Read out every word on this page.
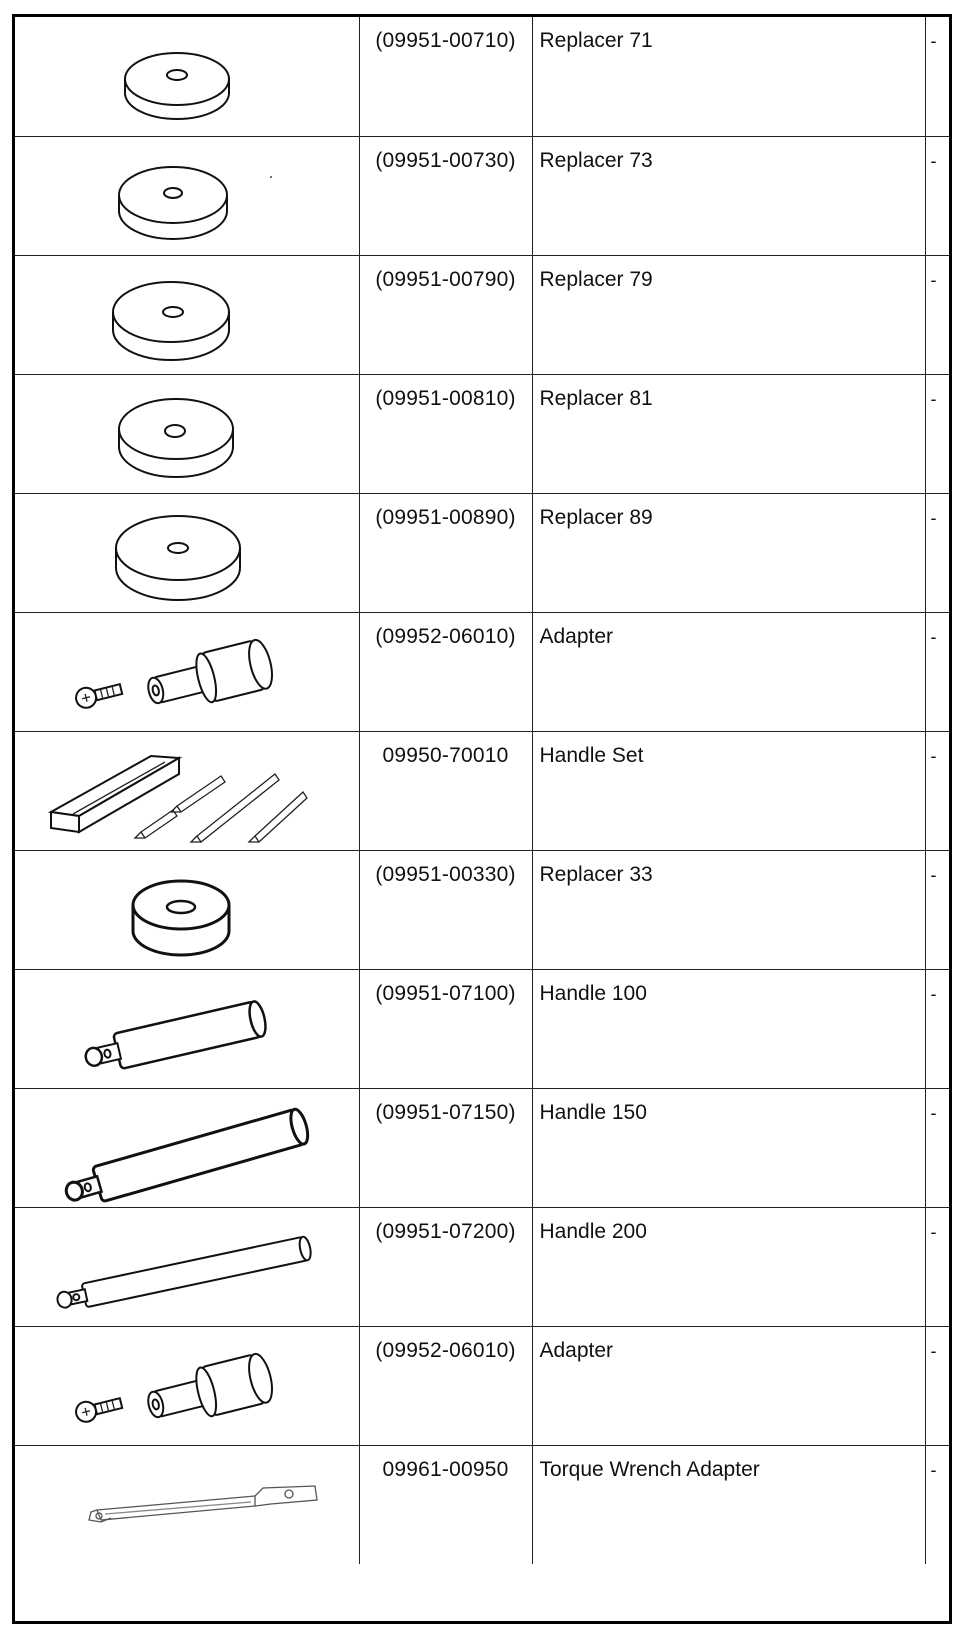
	(09951-00710)	Replacer 71	-

	(09951-00730)	Replacer 73	-

	(09951-00790)	Replacer 79	-

	(09951-00810)	Replacer 81	-

	(09951-00890)	Replacer 89	-

	(09952-06010)	Adapter	-

	09950-70010	Handle Set	-

	(09951-00330)	Replacer 33	-

	(09951-07100)	Handle 100	-

	(09951-07150)	Handle 150	-

	(09951-07200)	Handle 200	-

	(09952-06010)	Adapter	-

	09961-00950	Torque Wrench Adapter	-
